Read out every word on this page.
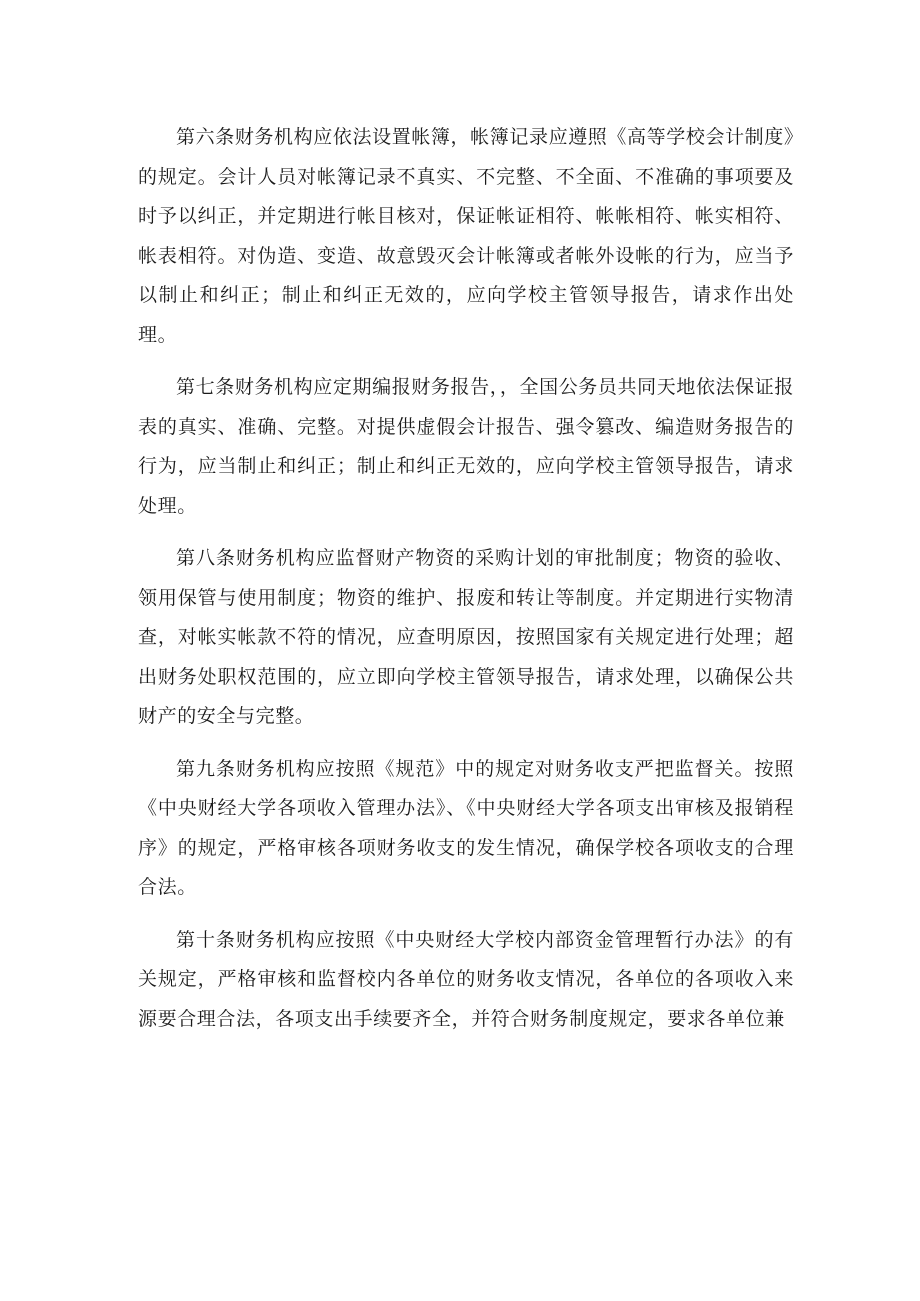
第六条财务机构应依法设置帐簿，帐簿记录应遵照《高等学校会计制度》的规定。会计人员对帐簿记录不真实、不完整、不全面、不准确的事项要及时予以纠正，并定期进行帐目核对，保证帐证相符、帐帐相符、帐实相符、帐表相符。对伪造、变造、故意毁灭会计帐簿或者帐外设帐的行为，应当予以制止和纠正；制止和纠正无效的，应向学校主管领导报告，请求作出处理。

第七条财务机构应定期编报财务报告，，全国公务员共同天地依法保证报表的真实、准确、完整。对提供虚假会计报告、强令篡改、编造财务报告的行为，应当制止和纠正；制止和纠正无效的，应向学校主管领导报告，请求处理。

第八条财务机构应监督财产物资的采购计划的审批制度；物资的验收、领用保管与使用制度；物资的维护、报废和转让等制度。并定期进行实物清查，对帐实帐款不符的情况，应查明原因，按照国家有关规定进行处理；超出财务处职权范围的，应立即向学校主管领导报告，请求处理，以确保公共财产的安全与完整。

第九条财务机构应按照《规范》中的规定对财务收支严把监督关。按照《中央财经大学各项收入管理办法》、《中央财经大学各项支出审核及报销程序》的规定，严格审核各项财务收支的发生情况，确保学校各项收支的合理合法。

第十条财务机构应按照《中央财经大学校内部资金管理暂行办法》的有关规定，严格审核和监督校内各单位的财务收支情况，各单位的各项收入来源要合理合法，各项支出手续要齐全，并符合财务制度规定，要求各单位兼
